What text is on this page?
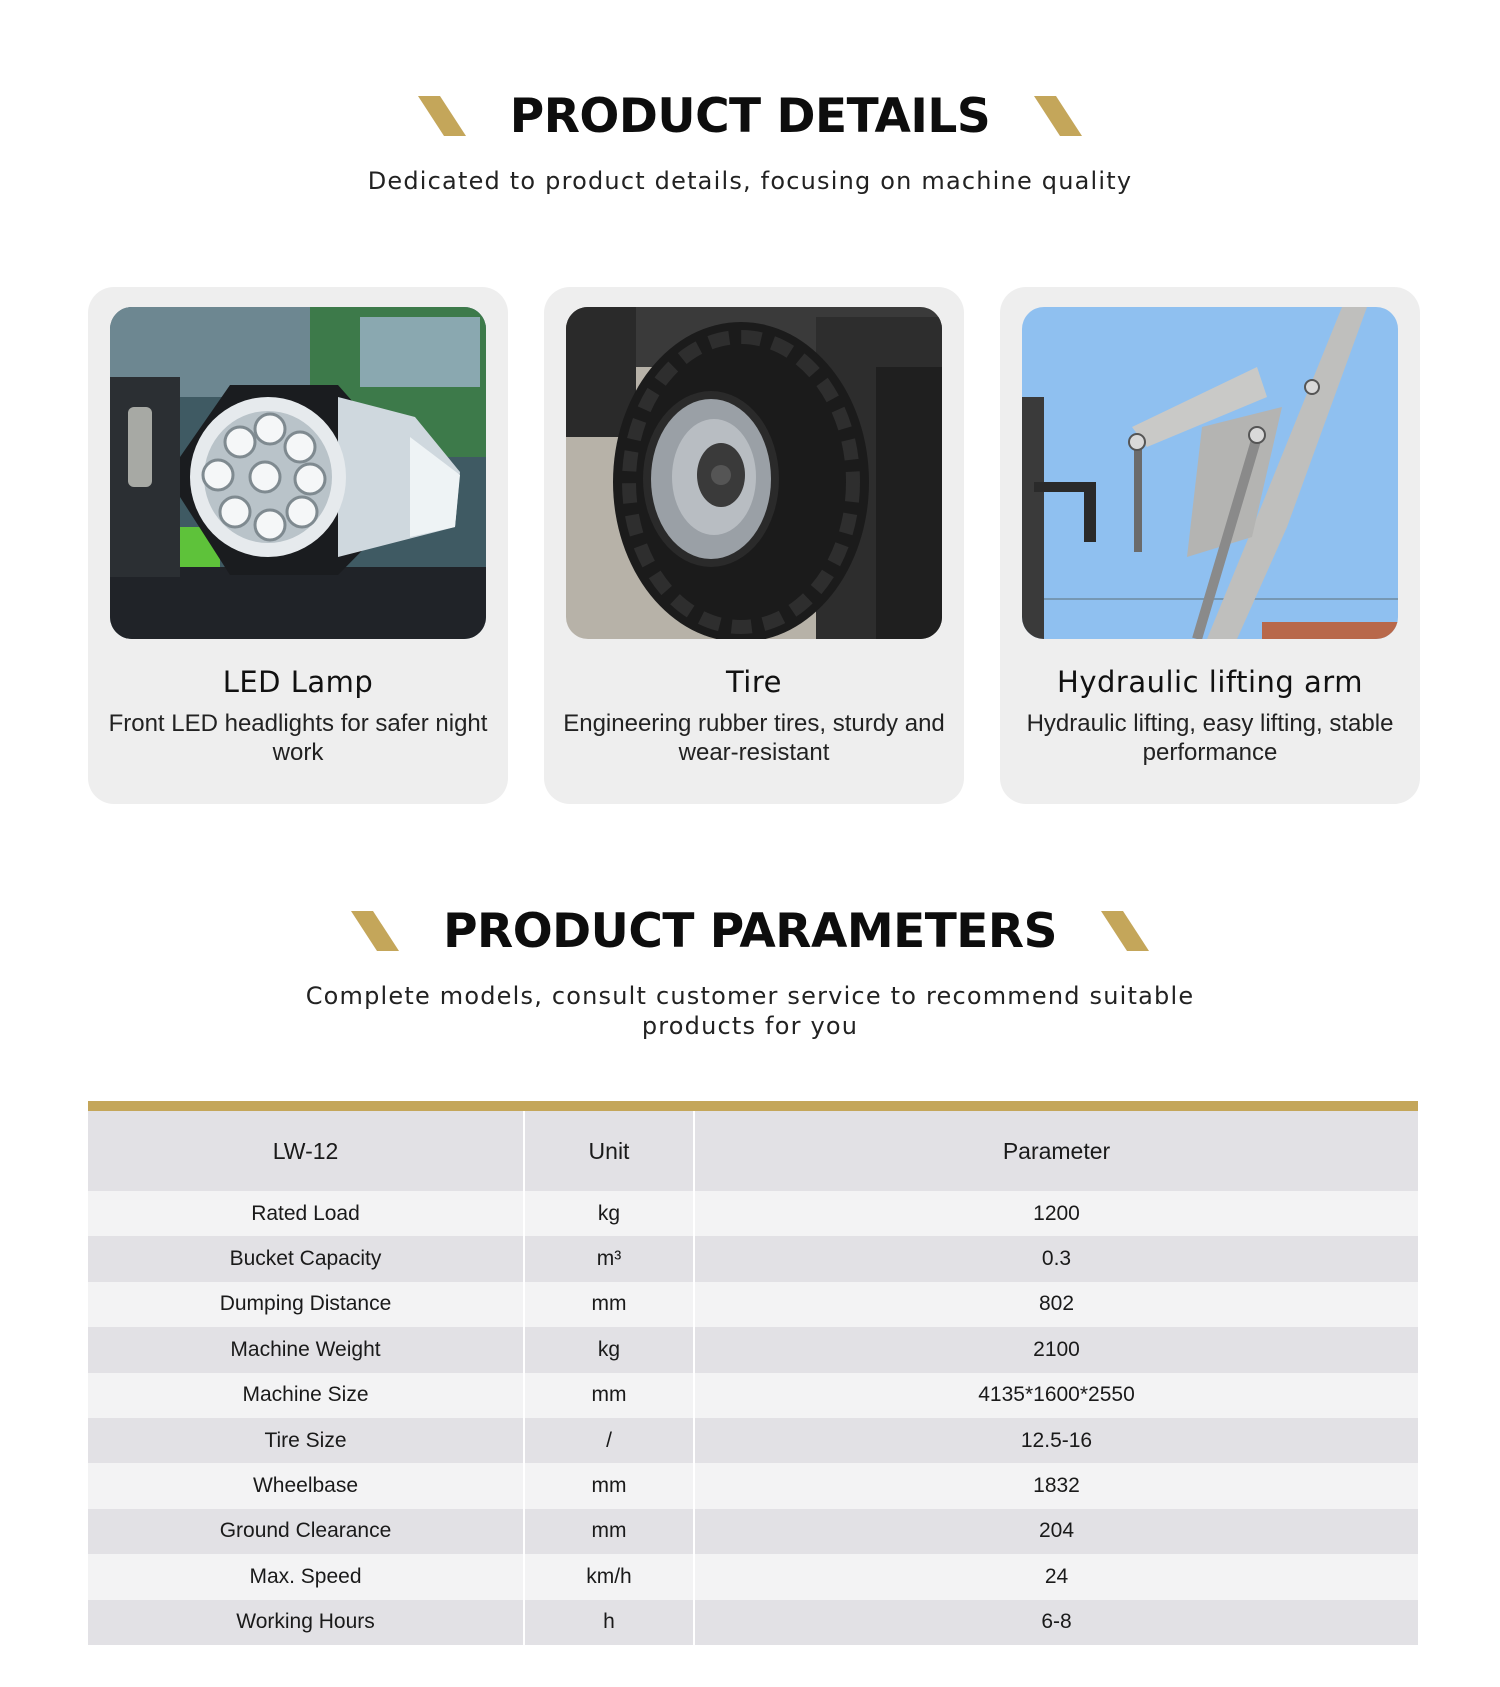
PRODUCT DETAILS

Dedicated to product details, focusing on machine quality

LED Lamp
Front LED headlights for safer night work
Tire
Engineering rubber tires, sturdy and wear-resistant
Hydraulic lifting arm
Hydraulic lifting, easy lifting, stable performance
PRODUCT PARAMETERS

Complete models, consult customer service to recommend suitable products for you

LW-12	Unit	Parameter
Rated Load	kg	1200
Bucket Capacity	m³	0.3
Dumping Distance	mm	802
Machine Weight	kg	2100
Machine Size	mm	4135*1600*2550
Tire Size	/	12.5-16
Wheelbase	mm	1832
Ground Clearance	mm	204
Max. Speed	km/h	24
Working Hours	h	6-8
